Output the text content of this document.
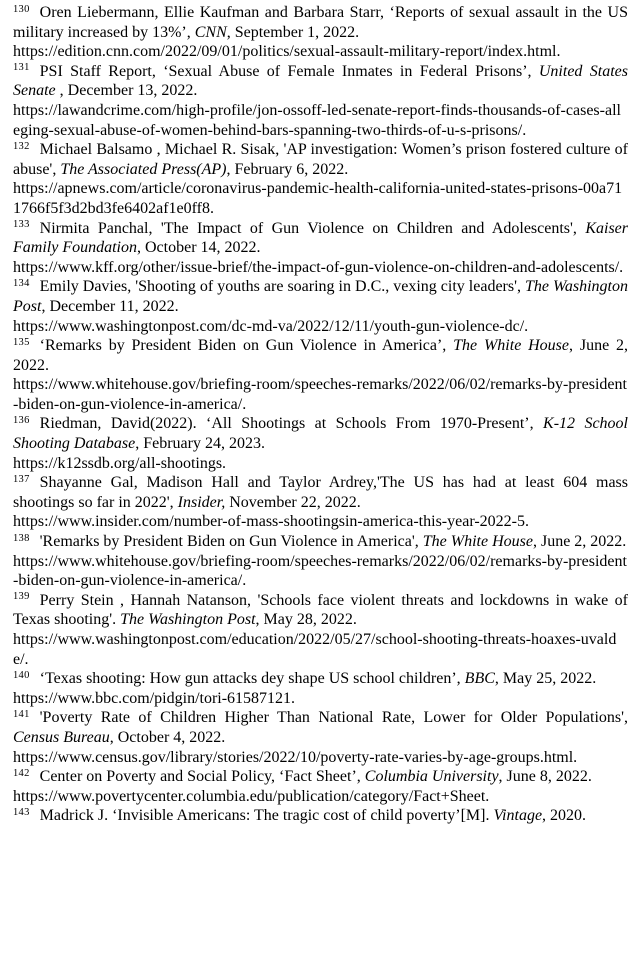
$^{130}$ Oren Liebermann, Ellie Kaufman and Barbara Starr, ‘Reports of sexual assault in the US military increased by 13%’, CNN, September 1, 2022.

https://edition.cnn.com/2022/09/01/politics/sexual-assault-military-report/index.html.

$^{131}$ PSI Staff Report, ‘Sexual Abuse of Female Inmates in Federal Prisons’, United States Senate , December 13, 2022.

https://lawandcrime.com/high-profile/jon-ossoff-led-senate-report-finds-thousands-of-cases-alleging-sexual-abuse-of-women-behind-bars-spanning-two-thirds-of-u-s-prisons/.

$^{132}$ Michael Balsamo , Michael R. Sisak, 'AP investigation: Women’s prison fostered culture of abuse', The Associated Press(AP), February 6, 2022.

https://apnews.com/article/coronavirus-pandemic-health-california-united-states-prisons-00a711766f5f3d2bd3fe6402af1e0ff8.

$^{133}$ Nirmita Panchal, 'The Impact of Gun Violence on Children and Adolescents', Kaiser Family Foundation, October 14, 2022.

https://www.kff.org/other/issue-brief/the-impact-of-gun-violence-on-children-and-adolescents/.

$^{134}$ Emily Davies, 'Shooting of youths are soaring in D.C., vexing city leaders', The Washington Post, December 11, 2022.

https://www.washingtonpost.com/dc-md-va/2022/12/11/youth-gun-violence-dc/.

$^{135}$ ‘Remarks by President Biden on Gun Violence in America’, The White House, June 2, 2022.

https://www.whitehouse.gov/briefing-room/speeches-remarks/2022/06/02/remarks-by-president-biden-on-gun-violence-in-america/.

$^{136}$ Riedman, David(2022). ‘All Shootings at Schools From 1970-Present’, K-12 School Shooting Database, February 24, 2023.

https://k12ssdb.org/all-shootings.

$^{137}$ Shayanne Gal, Madison Hall and Taylor Ardrey,'The US has had at least 604 mass shootings so far in 2022', Insider, November 22, 2022.

https://www.insider.com/number-of-mass-shootingsin-america-this-year-2022-5.

$^{138}$ 'Remarks by President Biden on Gun Violence in America', The White House, June 2, 2022.

https://www.whitehouse.gov/briefing-room/speeches-remarks/2022/06/02/remarks-by-president-biden-on-gun-violence-in-america/.

$^{139}$ Perry Stein , Hannah Natanson, 'Schools face violent threats and lockdowns in wake of Texas shooting'. The Washington Post, May 28, 2022.

https://www.washingtonpost.com/education/2022/05/27/school-shooting-threats-hoaxes-uvalde/.

$^{140}$ ‘Texas shooting: How gun attacks dey shape US school children’, BBC, May 25, 2022.

https://www.bbc.com/pidgin/tori-61587121.

$^{141}$ 'Poverty Rate of Children Higher Than National Rate, Lower for Older Populations', Census Bureau, October 4, 2022.

https://www.census.gov/library/stories/2022/10/poverty-rate-varies-by-age-groups.html.

$^{142}$ Center on Poverty and Social Policy, ‘Fact Sheet’, Columbia University, June 8, 2022.

https://www.povertycenter.columbia.edu/publication/category/Fact+Sheet.

$^{143}$ Madrick J. ‘Invisible Americans: The tragic cost of child poverty’[M]. Vintage, 2020.
